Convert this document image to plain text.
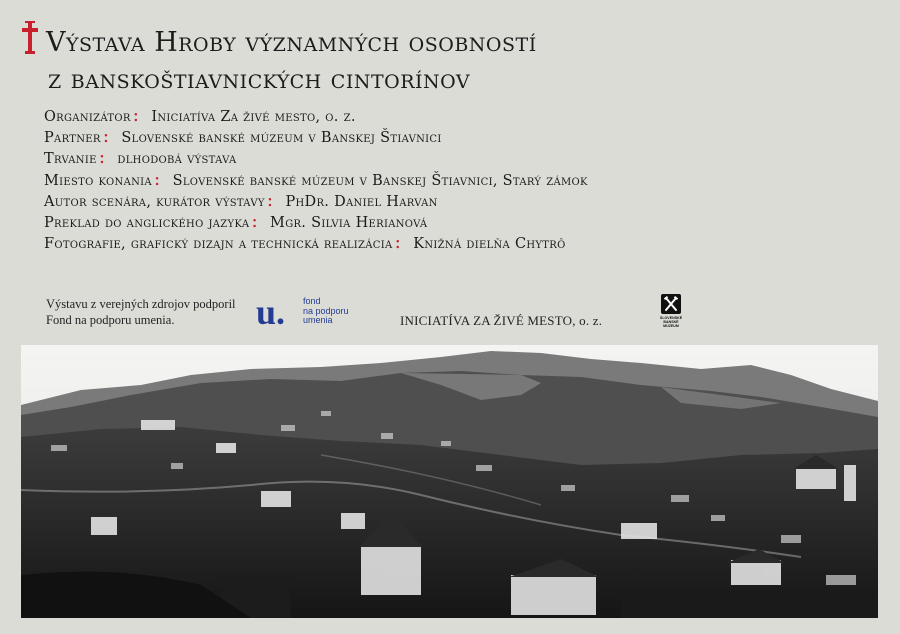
Výstava Hroby významných osobností
z banskoštiavnických cintorínov
Organizátor : Iniciatíva Za živé mesto, o. z.
Partner : Slovenské banské múzeum v Banskej Štiavnici
Trvanie : dlhodobá výstava
Miesto konania : Slovenské banské múzeum v Banskej Štiavnici, Starý zámok
Autor scenára, kurátor výstavy : PhDr. Daniel Harvan
Preklad do anglického jazyka : Mgr. Silvia Herianová
Fotografie, grafický dizajn a technická realizácia : Knižná dielňa Chytrô
Výstavu z verejných zdrojov podporil
Fond na podporu umenia.	u. fond
na podporu
umenia	INICIATÍVA ZA ŽIVÉ MESTO, o. z.	SLOVENSKÉ
BANSKÉ
MÚZEUM
